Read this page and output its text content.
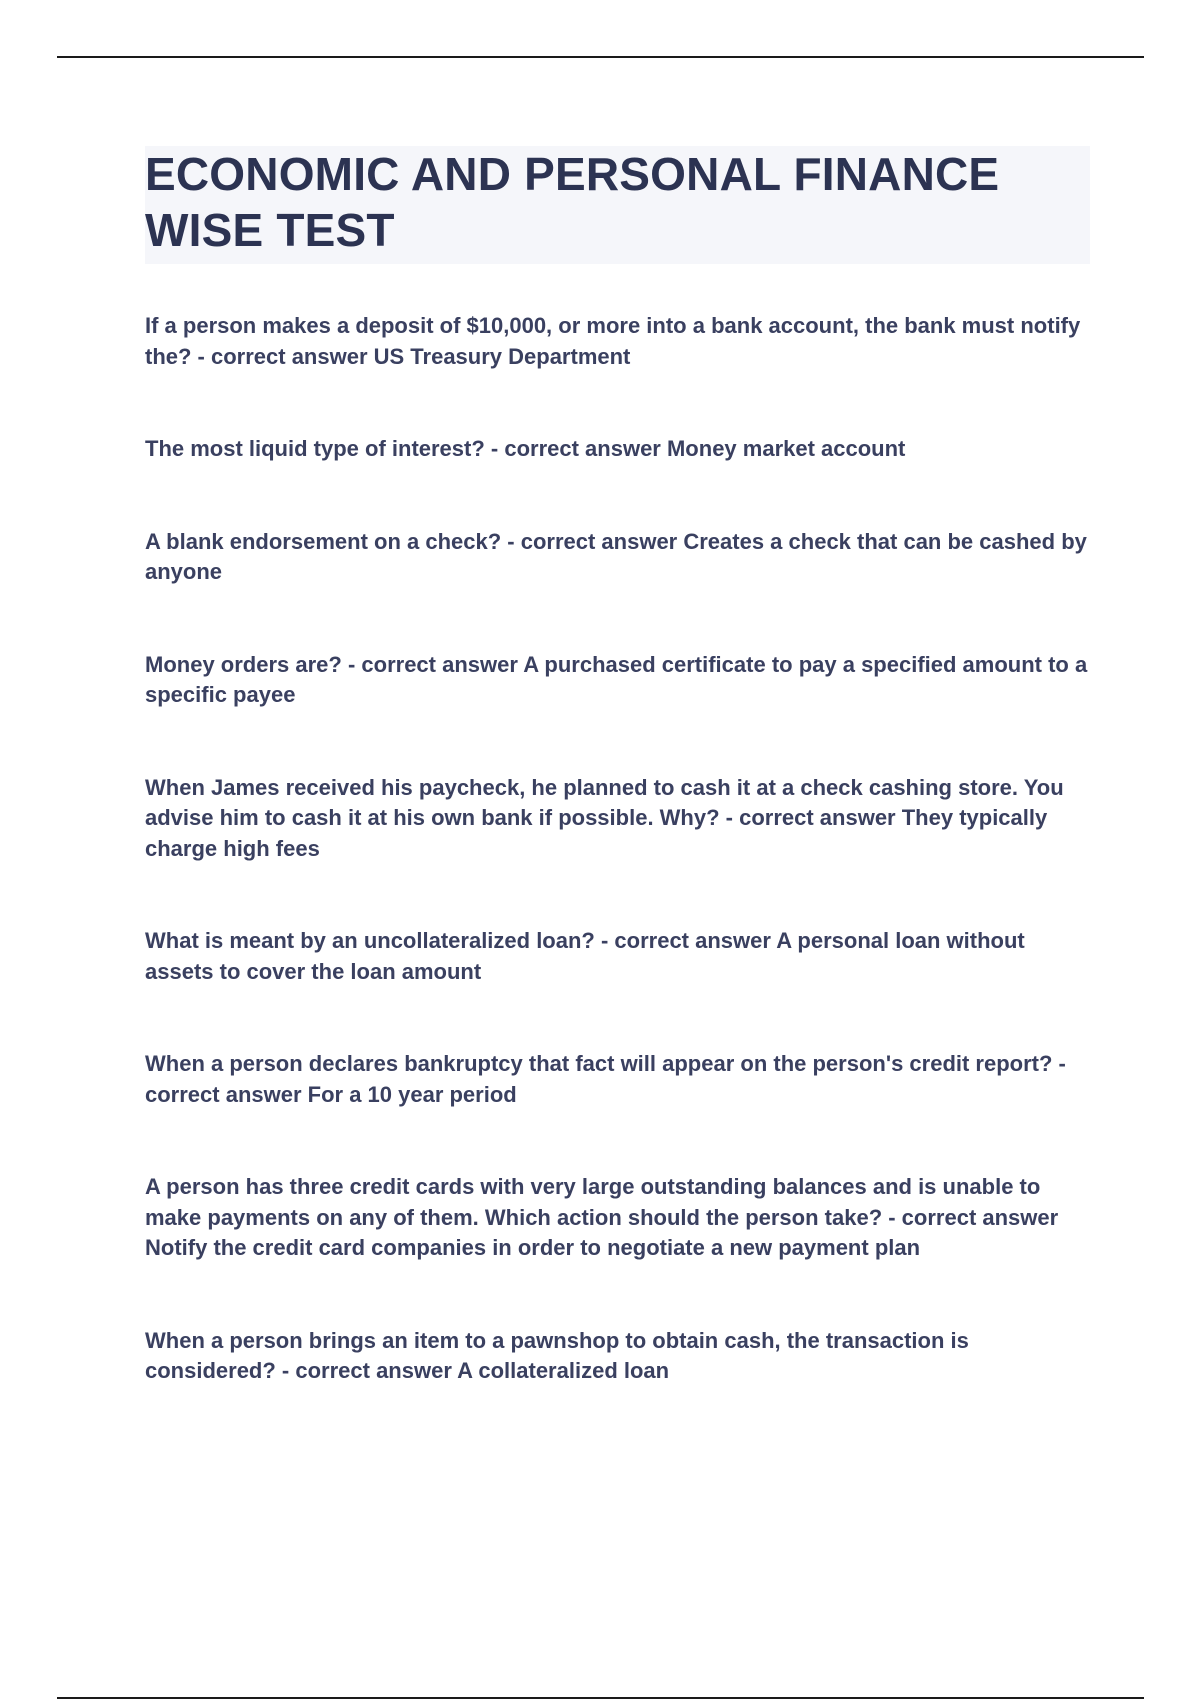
ECONOMIC AND PERSONAL FINANCE WISE TEST
If a person makes a deposit of $10,000, or more into a bank account, the bank must notify the? - correct answer US Treasury Department
The most liquid type of interest? - correct answer Money market account
A blank endorsement on a check? - correct answer Creates a check that can be cashed by anyone
Money orders are? - correct answer A purchased certificate to pay a specified amount to a specific payee
When James received his paycheck, he planned to cash it at a check cashing store. You advise him to cash it at his own bank if possible. Why? - correct answer They typically charge high fees
What is meant by an uncollateralized loan? - correct answer A personal loan without assets to cover the loan amount
When a person declares bankruptcy that fact will appear on the person's credit report? - correct answer For a 10 year period
A person has three credit cards with very large outstanding balances and is unable to make payments on any of them. Which action should the person take? - correct answer Notify the credit card companies in order to negotiate a new payment plan
When a person brings an item to a pawnshop to obtain cash, the transaction is considered? - correct answer A collateralized loan
